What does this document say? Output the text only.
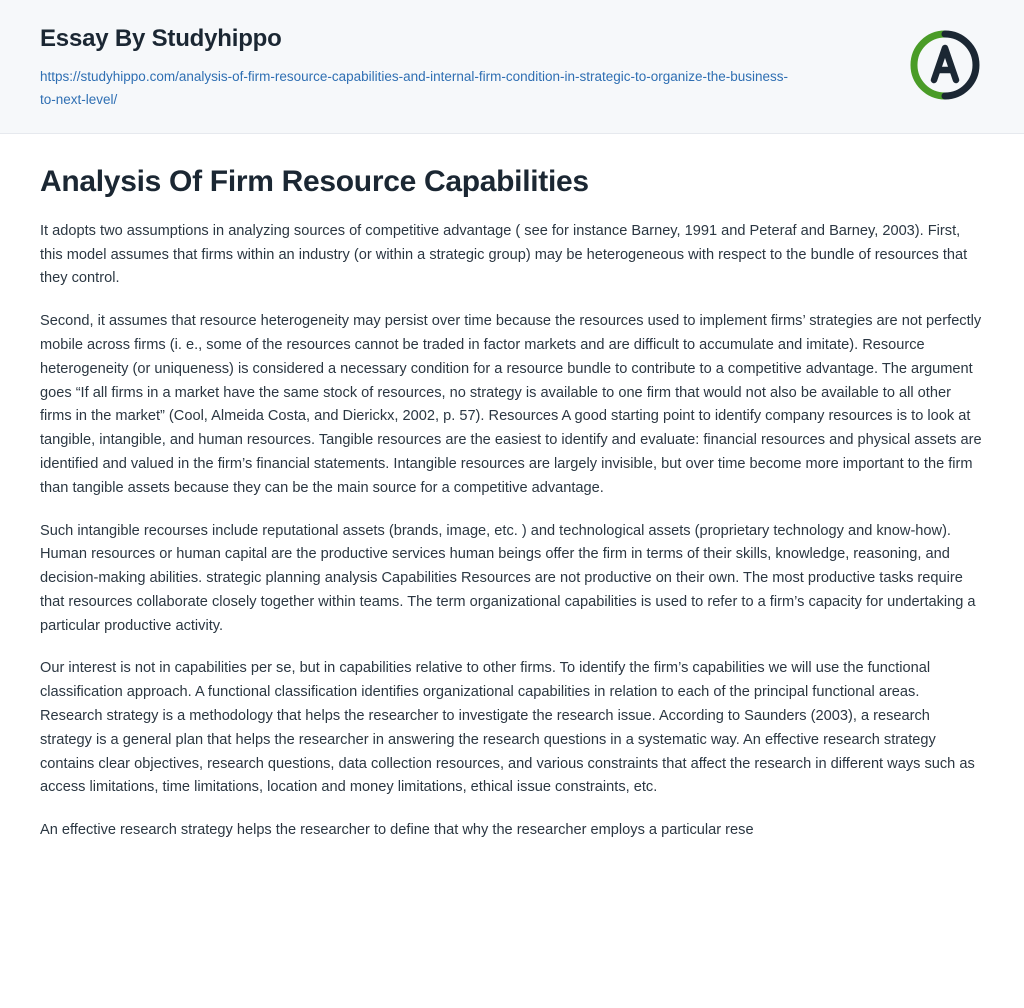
Essay By Studyhippo
https://studyhippo.com/analysis-of-firm-resource-capabilities-and-internal-firm-condition-in-strategic-to-organize-the-business-to-next-level/
Analysis Of Firm Resource Capabilities

It adopts two assumptions in analyzing sources of competitive advantage ( see for instance Barney, 1991 and Peteraf and Barney, 2003). First, this model assumes that firms within an industry (or within a strategic group) may be heterogeneous with respect to the bundle of resources that they control.

Second, it assumes that resource heterogeneity may persist over time because the resources used to implement firms’ strategies are not perfectly mobile across firms (i. e., some of the resources cannot be traded in factor markets and are difficult to accumulate and imitate). Resource heterogeneity (or uniqueness) is considered a necessary condition for a resource bundle to contribute to a competitive advantage. The argument goes “If all firms in a market have the same stock of resources, no strategy is available to one firm that would not also be available to all other firms in the market” (Cool, Almeida Costa, and Dierickx, 2002, p. 57). Resources A good starting point to identify company resources is to look at tangible, intangible, and human resources. Tangible resources are the easiest to identify and evaluate: financial resources and physical assets are identified and valued in the firm’s financial statements. Intangible resources are largely invisible, but over time become more important to the firm than tangible assets because they can be the main source for a competitive advantage.

Such intangible recourses include reputational assets (brands, image, etc. ) and technological assets (proprietary technology and know-how). Human resources or human capital are the productive services human beings offer the firm in terms of their skills, knowledge, reasoning, and decision-making abilities. strategic planning analysis Capabilities Resources are not productive on their own. The most productive tasks require that resources collaborate closely together within teams. The term organizational capabilities is used to refer to a firm’s capacity for undertaking a particular productive activity.

Our interest is not in capabilities per se, but in capabilities relative to other firms. To identify the firm’s capabilities we will use the functional classification approach. A functional classification identifies organizational capabilities in relation to each of the principal functional areas. Research strategy is a methodology that helps the researcher to investigate the research issue. According to Saunders (2003), a research strategy is a general plan that helps the researcher in answering the research questions in a systematic way. An effective research strategy contains clear objectives, research questions, data collection resources, and various constraints that affect the research in different ways such as access limitations, time limitations, location and money limitations, ethical issue constraints, etc.

An effective research strategy helps the researcher to define that why the researcher employs a particular rese
